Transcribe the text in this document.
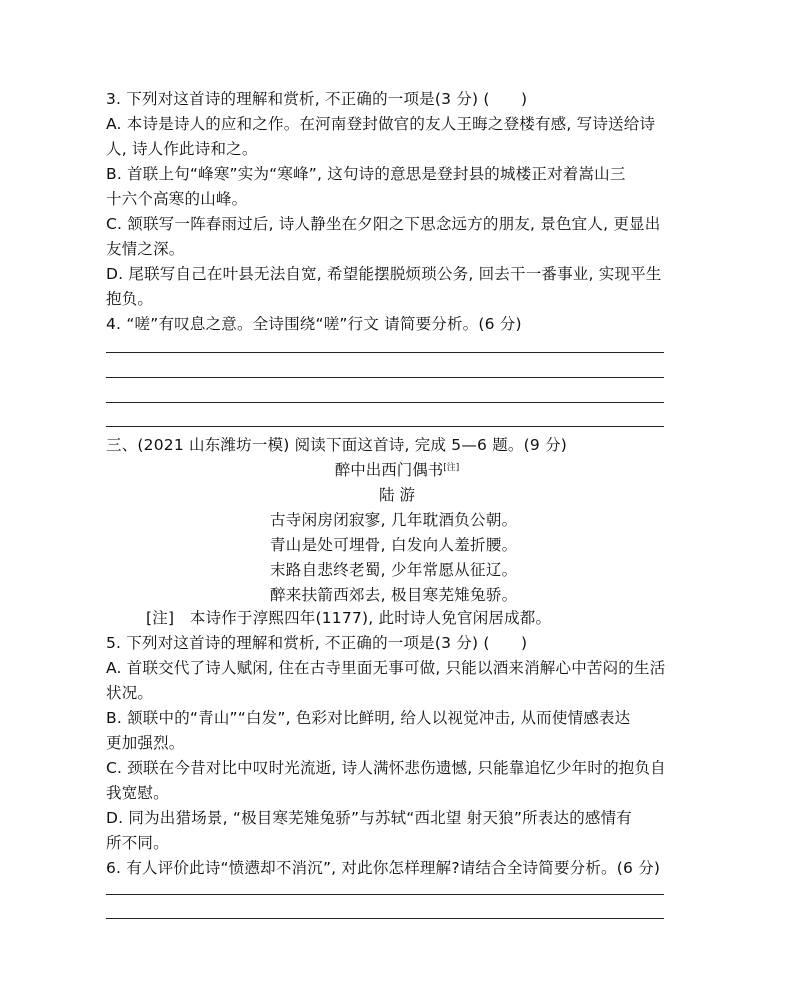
3. 下列对这首诗的理解和赏析, 不正确的一项是(3 分) (　　)
A. 本诗是诗人的应和之作。在河南登封做官的友人王晦之登楼有感, 写诗送给诗
人, 诗人作此诗和之。
B. 首联上句“峰寒”实为“寒峰”, 这句诗的意思是登封县的城楼正对着嵩山三
十六个高寒的山峰。
C. 颔联写一阵春雨过后, 诗人静坐在夕阳之下思念远方的朋友, 景色宜人, 更显出
友情之深。
D. 尾联写自己在叶县无法自宽, 希望能摆脱烦琐公务, 回去干一番事业, 实现平生
抱负。
4. “嗟”有叹息之意。全诗围绕“嗟”行文 请简要分析。(6 分)
三、(2021 山东潍坊一模) 阅读下面这首诗, 完成 5—6 题。(9 分)
醉中出西门偶书[注]
陆 游
古寺闲房闭寂寥, 几年耽酒负公朝。
青山是处可埋骨, 白发向人羞折腰。
末路自悲终老蜀, 少年常愿从征辽。
醉来扶箭西郊去, 极目寒芜雉兔骄。
[注]　本诗作于淳熙四年(1177), 此时诗人免官闲居成都。
5. 下列对这首诗的理解和赏析, 不正确的一项是(3 分) (　　)
A. 首联交代了诗人赋闲, 住在古寺里面无事可做, 只能以酒来消解心中苦闷的生活
状况。
B. 颔联中的“青山”“白发”, 色彩对比鲜明, 给人以视觉冲击, 从而使情感表达
更加强烈。
C. 颈联在今昔对比中叹时光流逝, 诗人满怀悲伤遗憾, 只能靠追忆少年时的抱负自
我宽慰。
D. 同为出猎场景, “极目寒芜雉兔骄”与苏轼“西北望 射天狼”所表达的感情有
所不同。
6. 有人评价此诗“愤懑却不消沉”, 对此你怎样理解?请结合全诗简要分析。(6 分)
